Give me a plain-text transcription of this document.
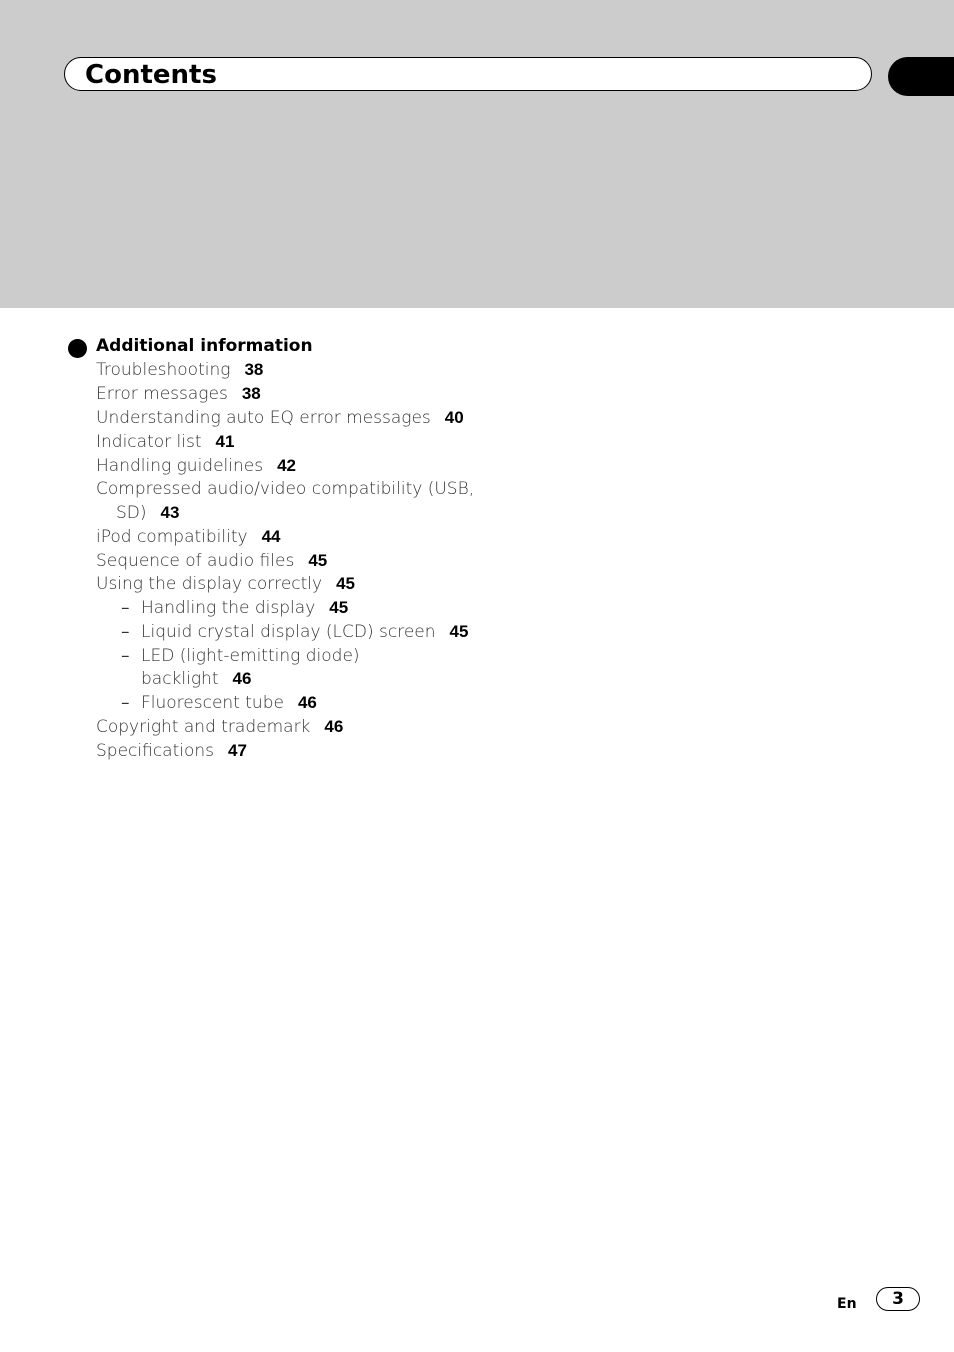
Contents
Additional information
Troubleshooting 38
Error messages 38
Understanding auto EQ error messages 40
Indicator list 41
Handling guidelines 42
Compressed audio/video compatibility (USB,
SD) 43
iPod compatibility 44
Sequence of audio files 45
Using the display correctly 45
– Handling the display 45
– Liquid crystal display (LCD) screen 45
– LED (light-emitting diode)
backlight 46
– Fluorescent tube 46
Copyright and trademark 46
Specifications 47
En	3
